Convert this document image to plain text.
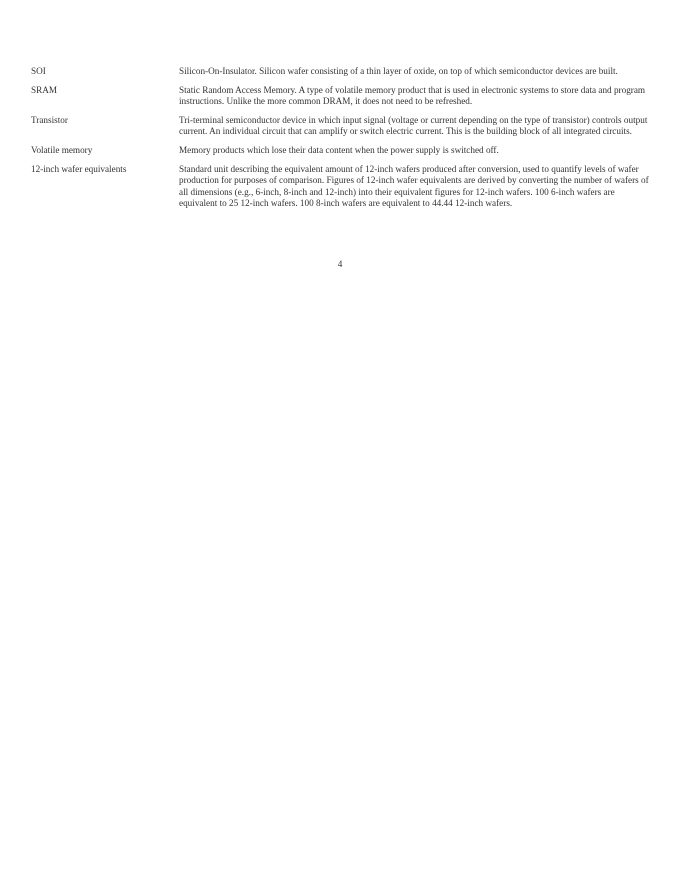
SOI	Silicon-On-Insulator. Silicon wafer consisting of a thin layer of oxide, on top of which semiconductor devices are built.
SRAM	Static Random Access Memory. A type of volatile memory product that is used in electronic systems to store data and program instructions. Unlike the more common DRAM, it does not need to be refreshed.
Transistor	Tri-terminal semiconductor device in which input signal (voltage or current depending on the type of transistor) controls output current. An individual circuit that can amplify or switch electric current. This is the building block of all integrated circuits.
Volatile memory	Memory products which lose their data content when the power supply is switched off.
12-inch wafer equivalents	Standard unit describing the equivalent amount of 12-inch wafers produced after conversion, used to quantify levels of wafer production for purposes of comparison. Figures of 12-inch wafer equivalents are derived by converting the number of wafers of all dimensions (e.g., 6-inch, 8-inch and 12-inch) into their equivalent figures for 12-inch wafers. 100 6-inch wafers are equivalent to 25 12-inch wafers. 100 8-inch wafers are equivalent to 44.44 12-inch wafers.
4
